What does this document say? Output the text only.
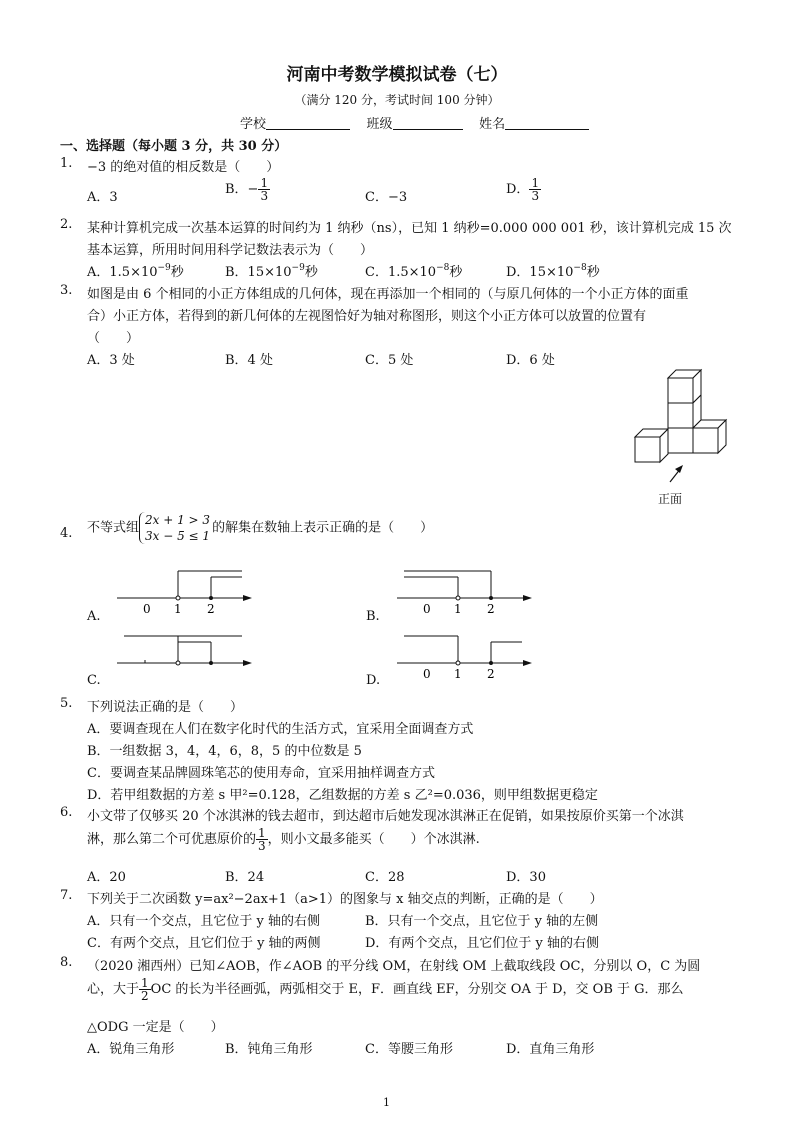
河南中考数学模拟试卷（七）
（满分 120 分，考试时间 100 分钟）
学校	班级	姓名
一、选择题（每小题 3 分，共 30 分）
1. −3 的绝对值的相反数是（　　）
A．3
B．− $\frac{1}{3}$	C．−3
D． $\frac{1}{3}$
2. 某种计算机完成一次基本运算的时间约为 1 纳秒（ns），已知 1 纳秒=0.000 000 001 秒，该计算机完成 15 次
基本运算，所用时间用科学记数法表示为（　　）
A．$1.5\times 10^{-9}$秒	B．$15\times 10^{-9}$秒	C．$1.5\times 10^{-8}$秒	D．$15\times 10^{-8}$秒
3. 如图是由 6 个相同的小正方体组成的几何体，现在再添加一个相同的（与原几何体的一个小正方体的面重
合）小正方体，若得到的新几何体的左视图恰好为轴对称图形，则这个小正方体可以放置的位置有
（　　）
A．3 处	B．4 处	C．5 处	D．6 处
正面
4. 不等式组
2x + 1 > 3
3x − 5 ≤ 1
的解集在数轴上表示正确的是（　　）
A.	0 1 2	B.	0 1 2
C.	D.	0 1 2
5. 下列说法正确的是（　　）
A．要调查现在人们在数字化时代的生活方式，宜采用全面调查方式
B．一组数据 3，4，4，6，8，5 的中位数是 5
C．要调查某品牌圆珠笔芯的使用寿命，宜采用抽样调查方式
D．若甲组数据的方差 s 甲²=0.128，乙组数据的方差 s 乙²=0.036，则甲组数据更稳定
6. 小文带了仅够买 20 个冰淇淋的钱去超市，到达超市后她发现冰淇淋正在促销，如果按原价买第一个冰淇
淋，那么第二个可优惠原价的 $\frac{1}{3}$ ，则小文最多能买（　　）个冰淇淋.
A．20	B．24	C．28	D．30
7. 下列关于二次函数 y=ax²−2ax+1（a>1）的图象与 x 轴交点的判断，正确的是（　　）
A．只有一个交点，且它位于 y 轴的右侧	B．只有一个交点，且它位于 y 轴的左侧
C．有两个交点，且它们位于 y 轴的两侧	D．有两个交点，且它们位于 y 轴的右侧
8. （2020 湘西州）已知∠AOB，作∠AOB 的平分线 OM，在射线 OM 上截取线段 OC，分别以 O，C 为圆
心，大于 $\frac{1}{2}$ OC 的长为半径画弧，两弧相交于 E，F．画直线 EF，分别交 OA 于 D，交 OB 于 G．那么
△ODG 一定是（　　）
A．锐角三角形	B．钝角三角形	C．等腰三角形	D．直角三角形
1
